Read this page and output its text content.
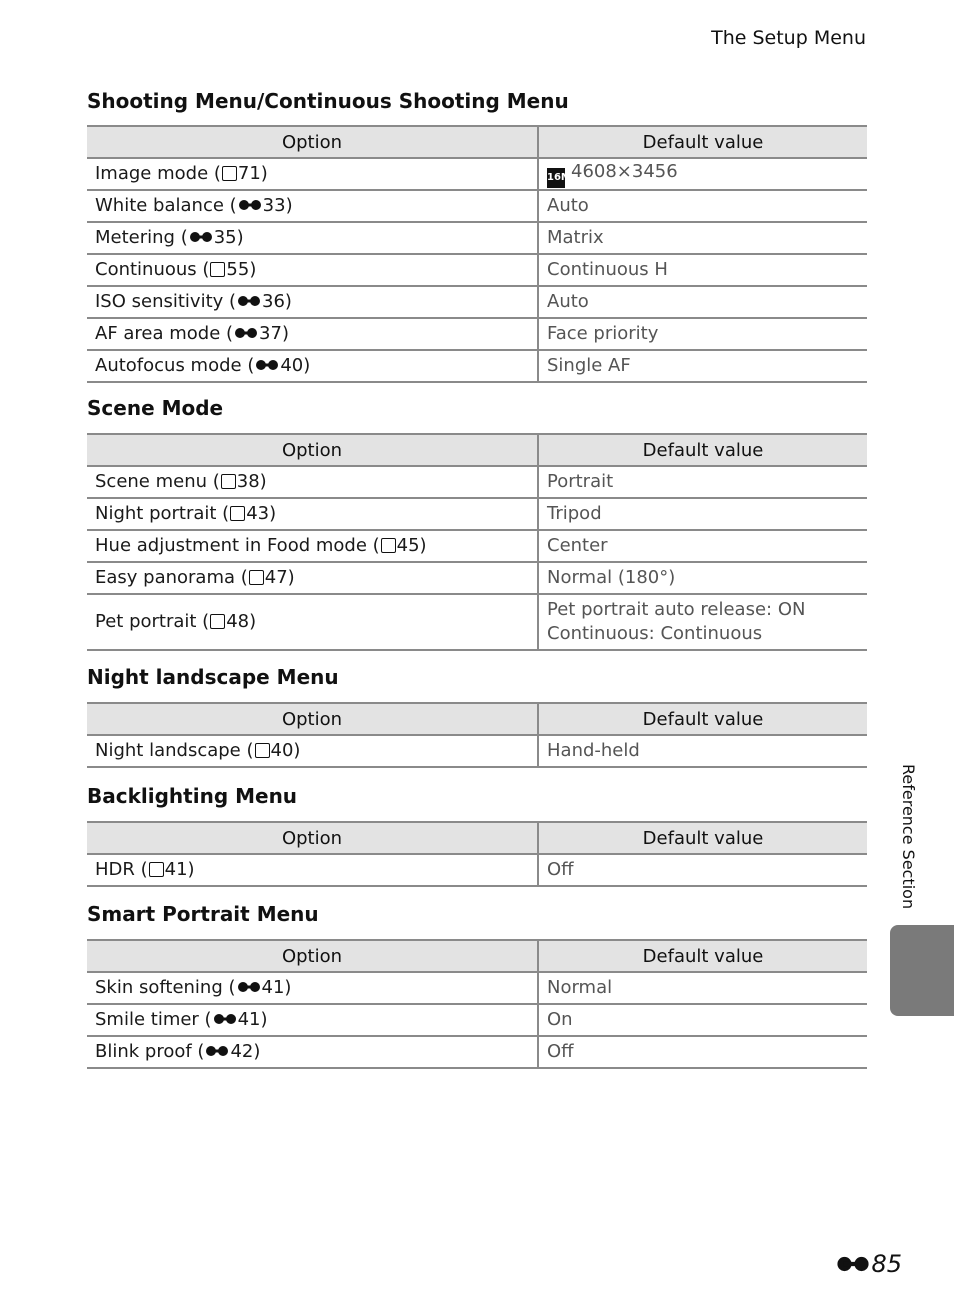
The Setup Menu
Shooting Menu/Continuous Shooting Menu
Option	Default value
Image mode ( 71)	16M4608×3456
White balance ( 33)	Auto
Metering ( 35)	Matrix
Continuous ( 55)	Continuous H
ISO sensitivity ( 36)	Auto
AF area mode ( 37)	Face priority
Autofocus mode ( 40)	Single AF
Scene Mode
Option	Default value
Scene menu ( 38)	Portrait
Night portrait ( 43)	Tripod
Hue adjustment in Food mode ( 45)	Center
Easy panorama ( 47)	Normal (180°)
Pet portrait ( 48)	Pet portrait auto release: ON
Continuous: Continuous
Night landscape Menu
Option	Default value
Night landscape ( 40)	Hand-held
Backlighting Menu
Option	Default value
HDR ( 41)	Off
Smart Portrait Menu
Option	Default value
Skin softening ( 41)	Normal
Smile timer ( 41)	On
Blink proof ( 42)	Off
Reference Section
85
